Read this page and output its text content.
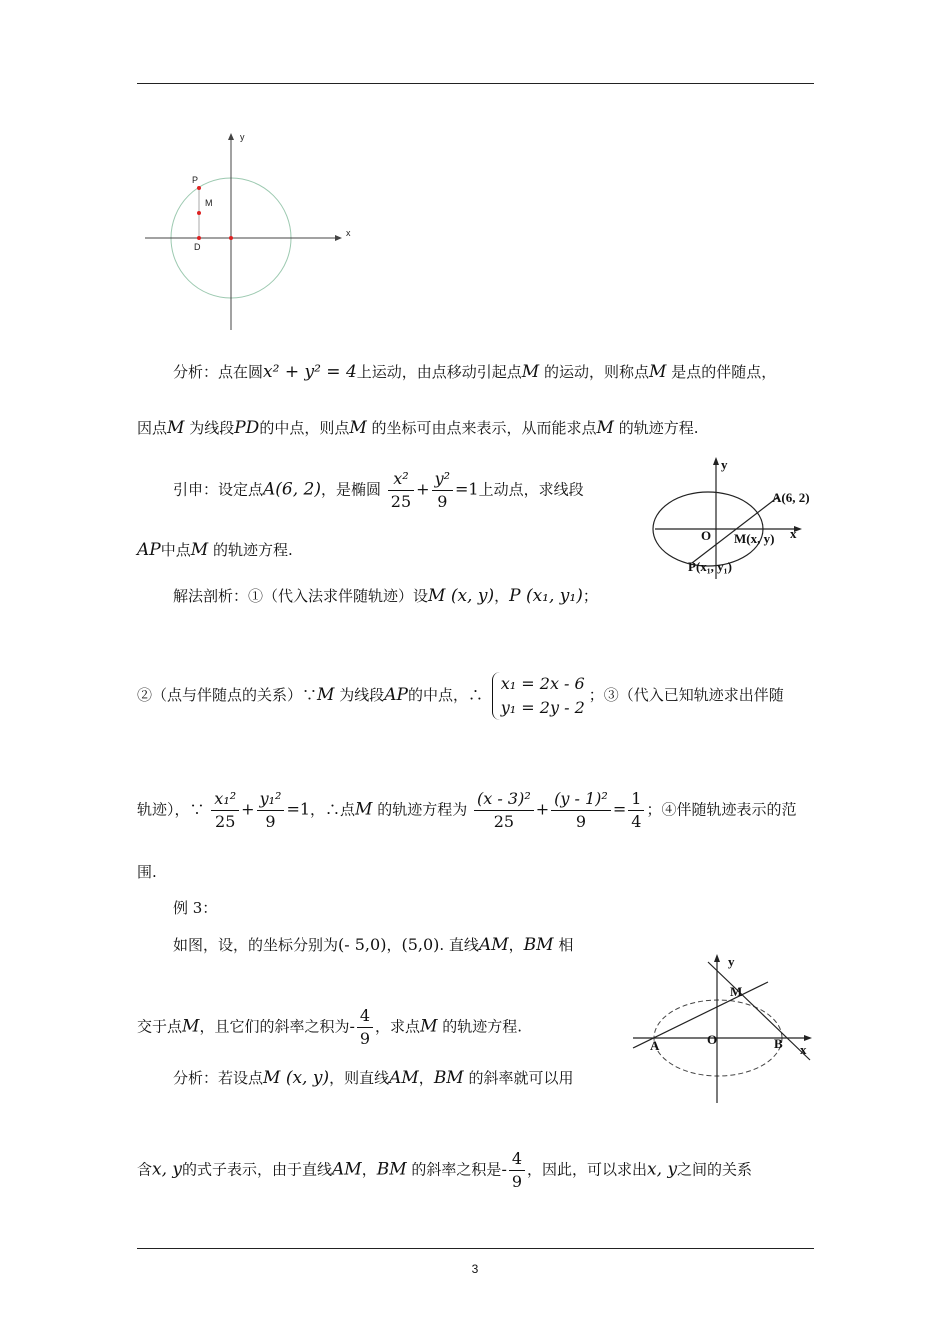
y
x
P
M
D
分析：点在圆x² + y² = 4上运动，由点移动引起点M 的运动，则称点M 是点的伴随点，
因点M 为线段PD的中点，则点M 的坐标可由点来表示，从而能求点M 的轨迹方程.
引申：设定点A(6, 2)，是椭圆 $\frac{\text{x²}}{25} + \frac{\text{y²}}{9} =1$上动点，求线段
AP中点M 的轨迹方程.
y
x
O
A(6, 2)
M(x, y)
P(x₁, y₁)
解法剖析：①（代入法求伴随轨迹）设M (x, y)，P (x₁, y₁)；
②（点与伴随点的关系）∵M 为线段AP的中点，∴
x₁ = 2x - 6
y₁ = 2y - 2
；③（代入已知轨迹求出伴随
轨迹），∵ $\frac{\text{x₁²}}{25} + \frac{\text{y₁²}}{9} =1$，∴点M 的轨迹方程为 $\frac{\text{(x - 3)²}}{25} + \frac{\text{(y - 1)²}}{9} = \frac{1}{4}$ ；④伴随轨迹表示的范
围.
例 3：
如图，设，的坐标分别为(- 5,0)，(5,0). 直线AM，BM 相
交于点M，且它们的斜率之积为- $\frac{4}{9}$ ，求点M 的轨迹方程.
分析：若设点M (x, y)，则直线AM，BM 的斜率就可以用
y
x
M
A	O	B
含x, y的式子表示，由于直线AM，BM 的斜率之积是- $\frac{4}{9}$ ，因此，可以求出x, y之间的关系
3
